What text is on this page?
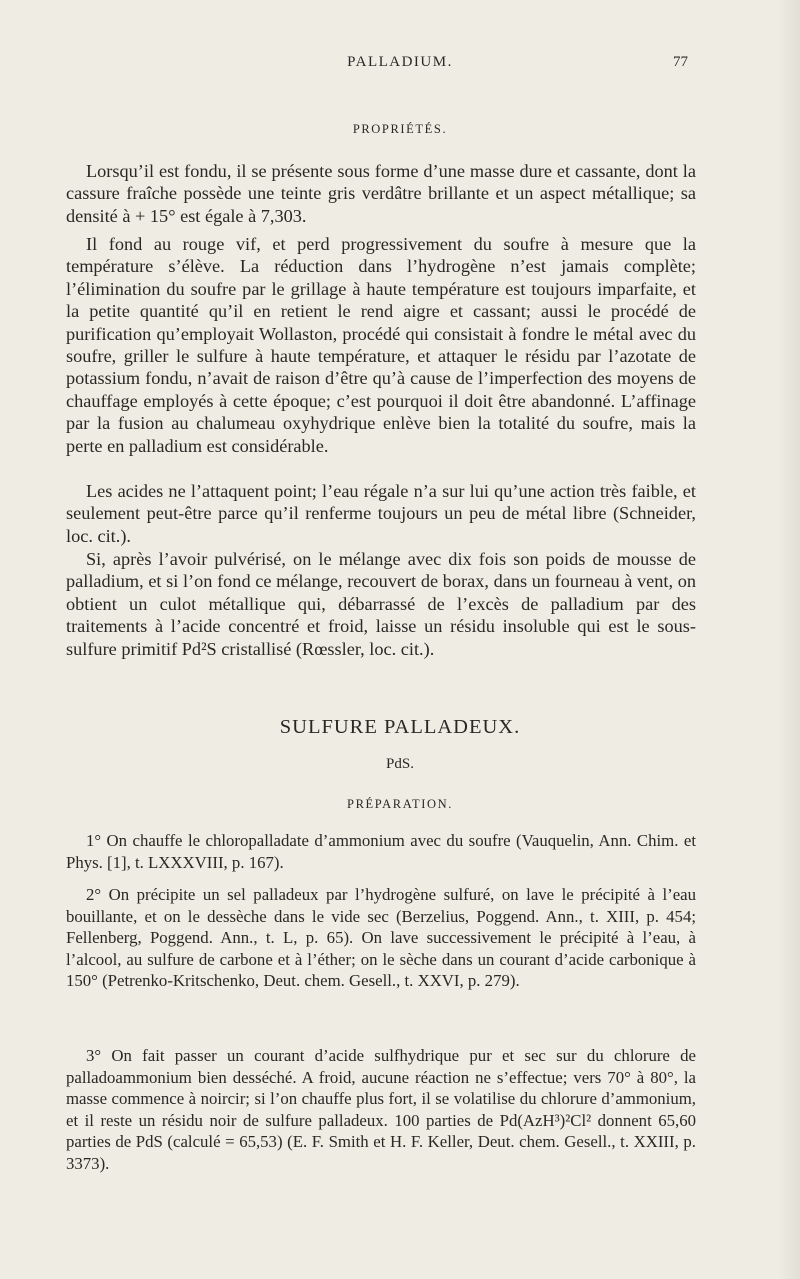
PALLADIUM.	77
PROPRIÉTÉS.

Lorsqu’il est fondu, il se présente sous forme d’une masse dure et cassante, dont la cassure fraîche possède une teinte gris verdâtre brillante et un aspect métallique; sa densité à + 15° est égale à 7,303.

Il fond au rouge vif, et perd progressivement du soufre à mesure que la température s’élève. La réduction dans l’hydrogène n’est jamais complète; l’élimination du soufre par le grillage à haute température est toujours imparfaite, et la petite quantité qu’il en retient le rend aigre et cassant; aussi le procédé de purification qu’employait Wollaston, procédé qui consistait à fondre le métal avec du soufre, griller le sulfure à haute température, et attaquer le résidu par l’azotate de potassium fondu, n’avait de raison d’être qu’à cause de l’imperfection des moyens de chauffage employés à cette époque; c’est pourquoi il doit être abandonné. L’affinage par la fusion au chalumeau oxyhydrique enlève bien la totalité du soufre, mais la perte en palladium est considérable.

Les acides ne l’attaquent point; l’eau régale n’a sur lui qu’une action très faible, et seulement peut-être parce qu’il renferme toujours un peu de métal libre (Schneider, loc. cit.).

Si, après l’avoir pulvérisé, on le mélange avec dix fois son poids de mousse de palladium, et si l’on fond ce mélange, recouvert de borax, dans un fourneau à vent, on obtient un culot métallique qui, débarrassé de l’excès de palladium par des traitements à l’acide concentré et froid, laisse un résidu insoluble qui est le sous-sulfure primitif Pd²S cristallisé (Rœssler, loc. cit.).

SULFURE PALLADEUX.
PdS.
PRÉPARATION.

1° On chauffe le chloropalladate d’ammonium avec du soufre (Vauquelin, Ann. Chim. et Phys. [1], t. LXXXVIII, p. 167).

2° On précipite un sel palladeux par l’hydrogène sulfuré, on lave le précipité à l’eau bouillante, et on le dessèche dans le vide sec (Berzelius, Poggend. Ann., t. XIII, p. 454; Fellenberg, Poggend. Ann., t. L, p. 65). On lave successivement le précipité à l’eau, à l’alcool, au sulfure de carbone et à l’éther; on le sèche dans un courant d’acide carbonique à 150° (Petrenko-Kritschenko, Deut. chem. Gesell., t. XXVI, p. 279).

3° On fait passer un courant d’acide sulfhydrique pur et sec sur du chlorure de palladoammonium bien desséché. A froid, aucune réaction ne s’effectue; vers 70° à 80°, la masse commence à noircir; si l’on chauffe plus fort, il se volatilise du chlorure d’ammonium, et il reste un résidu noir de sulfure palladeux. 100 parties de Pd(AzH³)²Cl² donnent 65,60 parties de PdS (calculé = 65,53) (E. F. Smith et H. F. Keller, Deut. chem. Gesell., t. XXIII, p. 3373).
